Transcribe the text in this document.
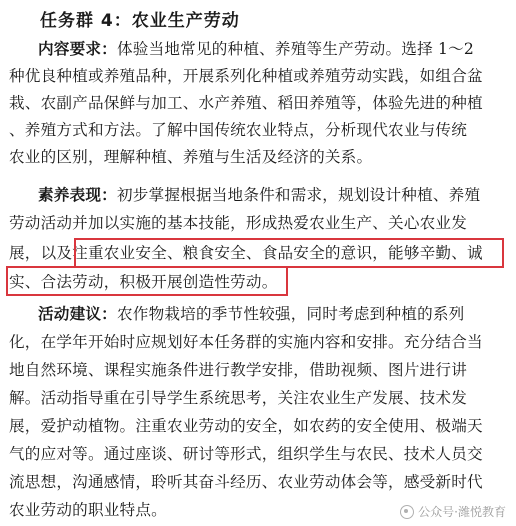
任务群 4：农业生产劳动
内容要求：体验当地常见的种植、养殖等生产劳动。选择 1～2
种优良种植或养殖品种，开展系列化种植或养殖劳动实践，如组合盆
栽、农副产品保鲜与加工、水产养殖、稻田养殖等，体验先进的种植
、养殖方式和方法。了解中国传统农业特点，分析现代农业与传统
农业的区别，理解种植、养殖与生活及经济的关系。
素养表现：初步掌握根据当地条件和需求，规划设计种植、养殖
劳动活动并加以实施的基本技能，形成热爱农业生产、关心农业发
展，以及注重农业安全、粮食安全、食品安全的意识，能够辛勤、诚
实、合法劳动，积极开展创造性劳动。
活动建议：农作物栽培的季节性较强，同时考虑到种植的系列
化，在学年开始时应规划好本任务群的实施内容和安排。充分结合当
地自然环境、课程实施条件进行教学安排，借助视频、图片进行讲
解。活动指导重在引导学生系统思考，关注农业生产发展、技术发
展，爱护动植物。注重农业劳动的安全，如农药的安全使用、极端天
气的应对等。通过座谈、研讨等形式，组织学生与农民、技术人员交
流思想，沟通感情，聆听其奋斗经历、农业劳动体会等，感受新时代
农业劳动的职业特点。	公众号·潍悦教育
